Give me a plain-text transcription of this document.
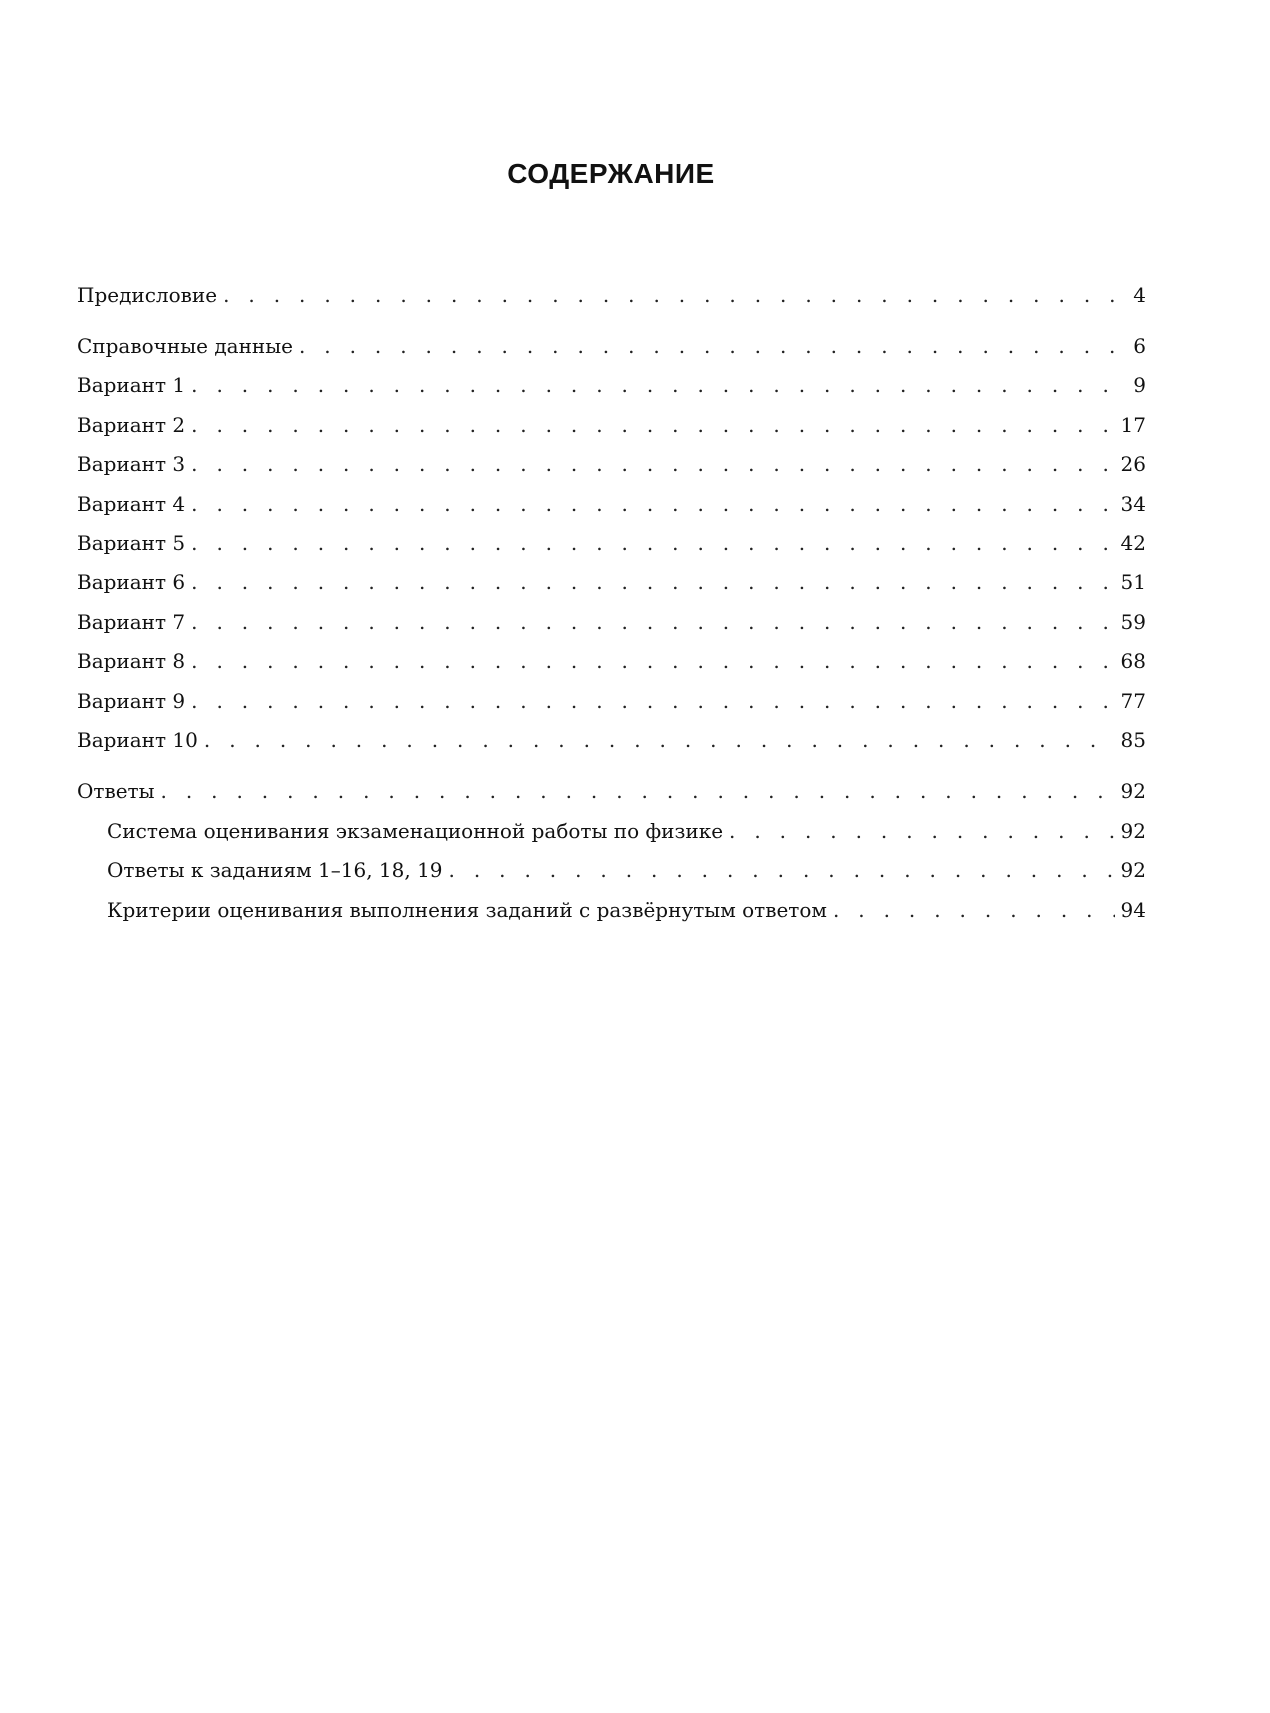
СОДЕРЖАНИЕ
Предисловие . . .	4
Справочные данные . . .	6
Вариант 1 . . .	9
Вариант 2 . . .	17
Вариант 3 . . .	26
Вариант 4 . . .	34
Вариант 5 . . .	42
Вариант 6 . . .	51
Вариант 7 . . .	59
Вариант 8 . . .	68
Вариант 9 . . .	77
Вариант 10 . . .	85
Ответы . . .	92
Система оценивания экзаменационной работы по физике . . .	92
Ответы к заданиям 1–16, 18, 19 . . .	92
Критерии оценивания выполнения заданий с развёрнутым ответом . . .	94
